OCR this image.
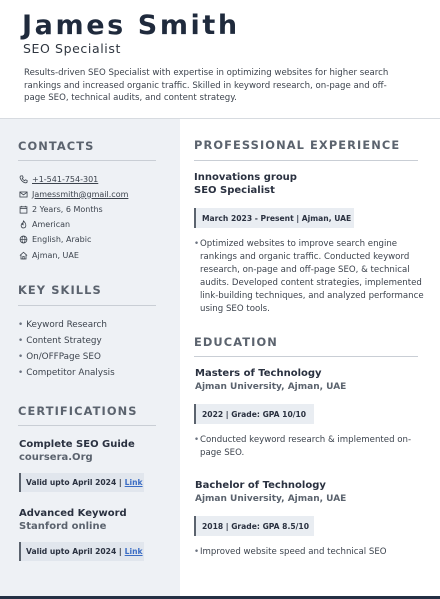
James Smith
SEO Specialist
Results-driven SEO Specialist with expertise in optimizing websites for higher search rankings and increased organic traffic. Skilled in keyword research, on-page and off-page SEO, technical audits, and content strategy.
CONTACTS
+1-541-754-301
Jamessmith@gmail.com
2 Years, 6 Months
American
English, Arabic
Ajman, UAE
KEY SKILLS
• Keyword Research
• Content Strategy
• On/OFFPage SEO
• Competitor Analysis
CERTIFICATIONS
Complete SEO Guide
coursera.Org
Valid upto April 2024 | Link
Advanced Keyword
Stanford online
Valid upto April 2024 | Link
PROFESSIONAL EXPERIENCE
Innovations group
SEO Specialist
March 2023 - Present | Ajman, UAE
• Optimized websites to improve search engine rankings and organic traffic. Conducted keyword research, on-page and off-page SEO, & technical audits. Developed content strategies, implemented link-building techniques, and analyzed performance using SEO tools.
EDUCATION
Masters of Technology
Ajman University, Ajman, UAE
2022 | Grade: GPA 10/10
• Conducted keyword research & implemented on-page SEO.
Bachelor of Technology
Ajman University, Ajman, UAE
2018 | Grade: GPA 8.5/10
• Improved website speed and technical SEO
